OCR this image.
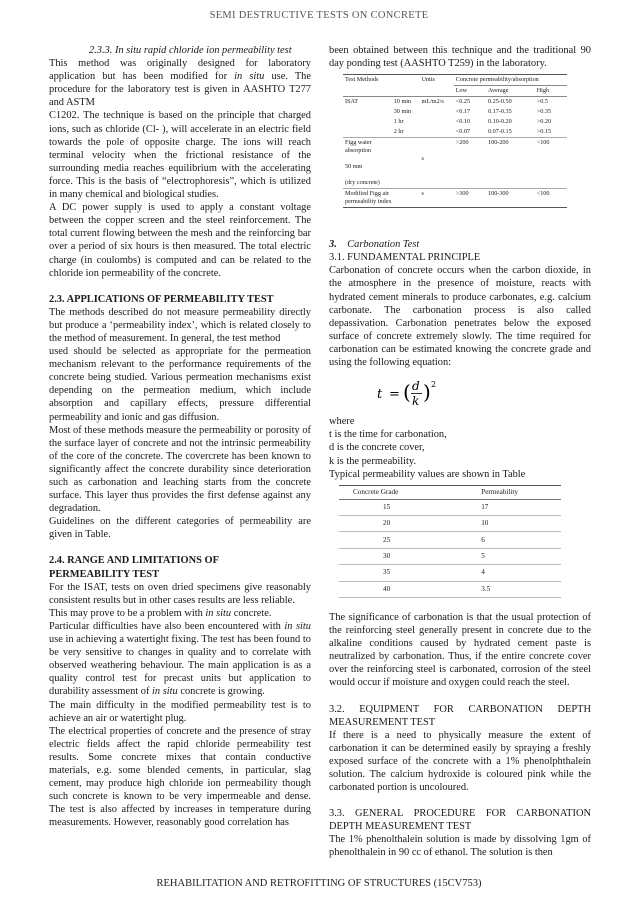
SEMI DESTRUCTIVE TESTS ON CONCRETE

2.3.3. In situ rapid chloride ion permeability test

This method was originally designed for laboratory application but has been modified for in situ use. The procedure for the laboratory test is given in AASHTO T277 and ASTM

C1202. The technique is based on the principle that charged ions, such as chloride (Cl- ), will accelerate in an electric field towards the pole of opposite charge. The ions will reach terminal velocity when the frictional resistance of the surrounding media reaches equilibrium with the accelerating force. This is the basis of “electrophoresis”, which is utilized in many chemical and biological studies.

A DC power supply is used to apply a constant voltage between the copper screen and the steel reinforcement. The total current flowing between the mesh and the reinforcing bar over a period of six hours is then measured. The total electric charge (in coulombs) is computed and can be related to the chloride ion permeability of the concrete.

2.3. APPLICATIONS OF PERMEABILITY TEST

The methods described do not measure permeability directly but produce a ‘permeability index’, which is related closely to the method of measurement. In general, the test method

used should be selected as appropriate for the permeation mechanism relevant to the performance requirements of the concrete being studied. Various permeation mechanisms exist depending on the permeation medium, which include absorption and capillary effects, pressure differential permeability and ionic and gas diffusion.

Most of these methods measure the permeability or porosity of the surface layer of concrete and not the intrinsic permeability of the core of the concrete. The covercrete has been known to significantly affect the concrete durability since deterioration such as carbonation and leaching starts from the concrete surface. This layer thus provides the first defense against any degradation.

Guidelines on the different categories of permeability are given in Table.

2.4. RANGE AND LIMITATIONS OF
PERMEABILITY TEST

For the ISAT, tests on oven dried specimens give reasonably consistent results but in other cases results are less reliable.

This may prove to be a problem with in situ concrete.

Particular difficulties have also been encountered with in situ use in achieving a watertight fixing. The test has been found to be very sensitive to changes in quality and to correlate with observed weathering behaviour. The main application is as a quality control test for precast units but application to durability assessment of in situ concrete is growing.

The main difficulty in the modified permeability test is to achieve an air or watertight plug.

The electrical properties of concrete and the presence of stray electric fields affect the rapid chloride permeability test results. Some concrete mixes that contain conductive materials, e.g. some blended cements, in particular, slag cement, may produce high chloride ion permeability though such concrete is known to be very impermeable and dense. The test is also affected by increases in temperature during measurements. However, reasonably good correlation has

been obtained between this technique and the traditional 90 day ponding test (AASHTO T259) in the laboratory.

Test Methods		Units	Concrete permeability/absorption		
			Low	Average	High
ISAT	10 min	mL/m2/s	<0.25	0.25-0.50	>0.5
	30 min		<0.17	0.17-0.35	>0.35
	1 hr		<0.10	0.10-0.20	>0.20
	2 hr		<0.07	0.07-0.15	>0.15
Figg water
absorption

50 mm

(dry concrete)		s	>200	100-200	<100
Modified Figg air
permeability index		s	>300	100-300	<100

3. Carbonation Test

3.1. FUNDAMENTAL PRINCIPLE

Carbonation of concrete occurs when the carbon dioxide, in the atmosphere in the presence of moisture, reacts with hydrated cement minerals to produce carbonates, e.g. calcium carbonate. The carbonation process is also called depassivation. Carbonation penetrates below the exposed surface of concrete extremely slowly. The time required for carbonation can be estimated knowing the concrete grade and using the following equation:

t = ( d
k ) 2

where

t is the time for carbonation,

d is the concrete cover,

k is the permeability.

Typical permeability values are shown in Table

Concrete Grade	Permeability
15	17
20	10
25	6
30	5
35	4
40	3.5

The significance of carbonation is that the usual protection of the reinforcing steel generally present in concrete due to the alkaline conditions caused by hydrated cement paste is neutralized by carbonation. Thus, if the entire concrete cover over the reinforcing steel is carbonated, corrosion of the steel would occur if moisture and oxygen could reach the steel.

3.2. EQUIPMENT FOR CARBONATION DEPTH MEASUREMENT TEST

If there is a need to physically measure the extent of carbonation it can be determined easily by spraying a freshly exposed surface of the concrete with a 1% phenolphthalein solution. The calcium hydroxide is coloured pink while the carbonated portion is uncoloured.

3.3. GENERAL PROCEDURE FOR CARBONATION DEPTH MEASUREMENT TEST

The 1% phenolthalein solution is made by dissolving 1gm of phenolthalein in 90 cc of ethanol. The solution is then

REHABILITATION AND RETROFITTING OF STRUCTURES (15CV753)
